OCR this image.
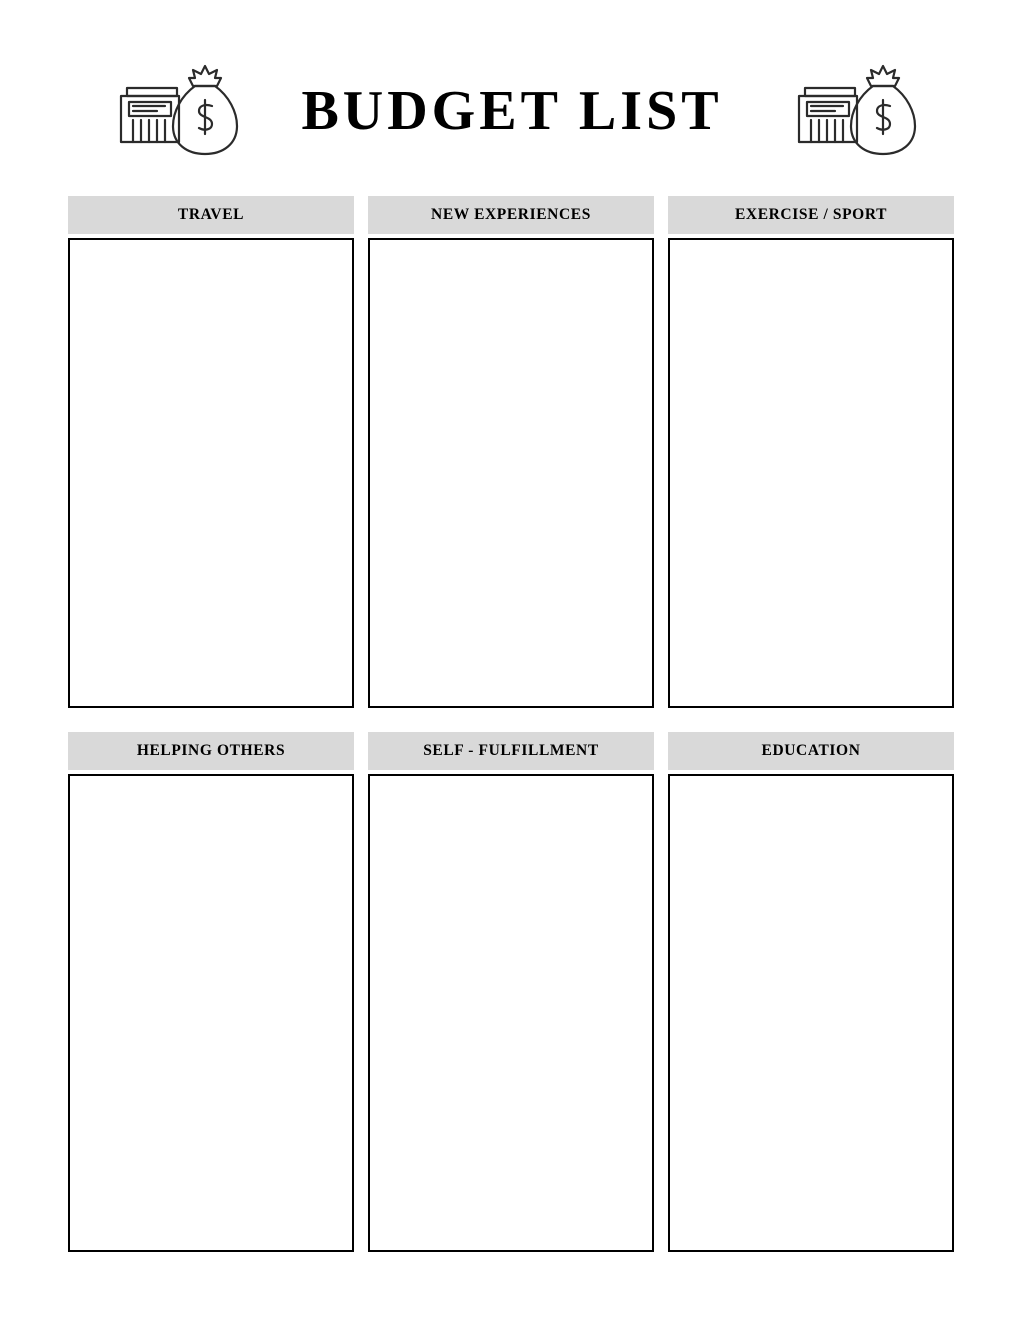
BUDGET LIST
TRAVEL	NEW EXPERIENCES	EXERCISE / SPORT
HELPING OTHERS	SELF - FULFILLMENT	EDUCATION
